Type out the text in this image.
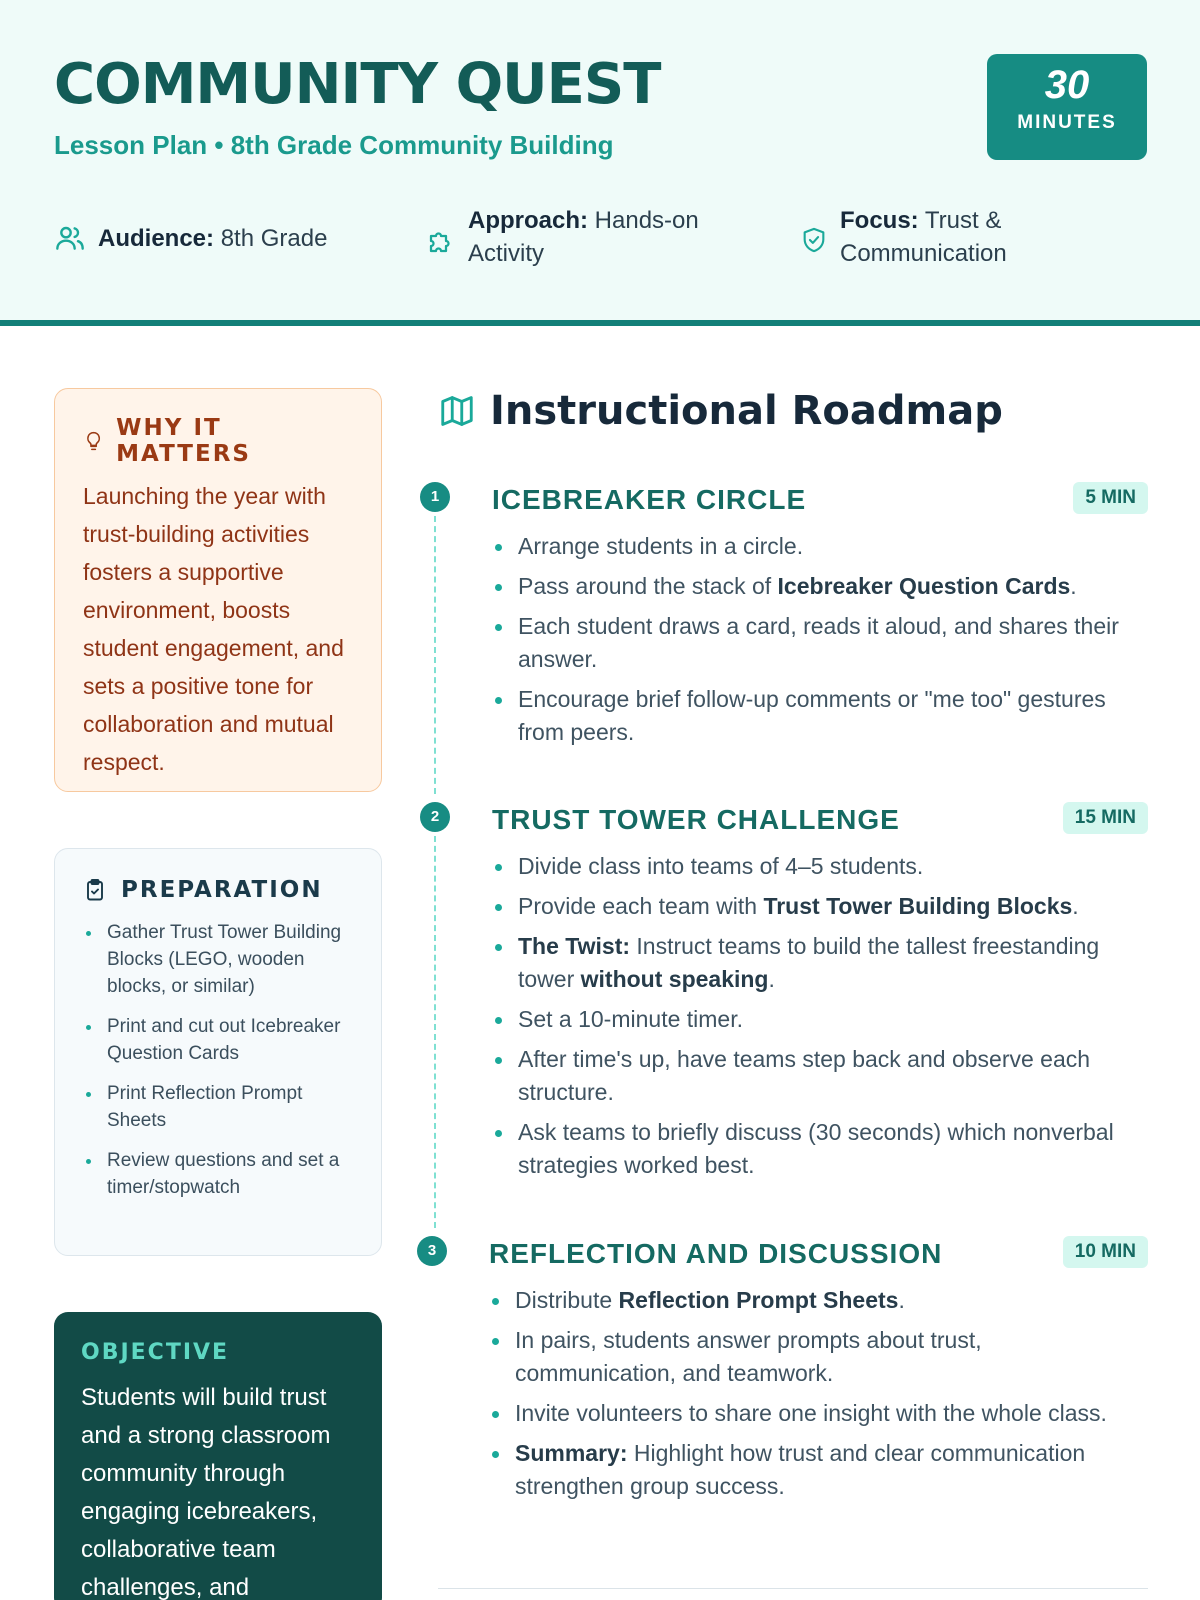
COMMUNITY QUEST
Lesson Plan • 8th Grade Community Building
30
MINUTES
Audience: 8th Grade
Approach: Hands-on Activity
Focus: Trust & Communication
WHY IT MATTERS
Launching the year with trust-building activities fosters a supportive environment, boosts student engagement, and sets a positive tone for collaboration and mutual respect.
PREPARATION
Gather Trust Tower Building Blocks (LEGO, wooden blocks, or similar)
Print and cut out Icebreaker Question Cards
Print Reflection Prompt Sheets
Review questions and set a timer/stopwatch
OBJECTIVE
Students will build trust and a strong classroom community through engaging icebreakers, collaborative team challenges, and
Instructional Roadmap
1	ICEBREAKER CIRCLE	5 MIN
Arrange students in a circle.
Pass around the stack of Icebreaker Question Cards.
Each student draws a card, reads it aloud, and shares their answer.
Encourage brief follow-up comments or "me too" gestures from peers.
2	TRUST TOWER CHALLENGE	15 MIN
Divide class into teams of 4–5 students.
Provide each team with Trust Tower Building Blocks.
The Twist: Instruct teams to build the tallest freestanding tower without speaking.
Set a 10-minute timer.
After time's up, have teams step back and observe each structure.
Ask teams to briefly discuss (30 seconds) which nonverbal strategies worked best.
3	REFLECTION AND DISCUSSION	10 MIN
Distribute Reflection Prompt Sheets.
In pairs, students answer prompts about trust, communication, and teamwork.
Invite volunteers to share one insight with the whole class.
Summary: Highlight how trust and clear communication strengthen group success.
